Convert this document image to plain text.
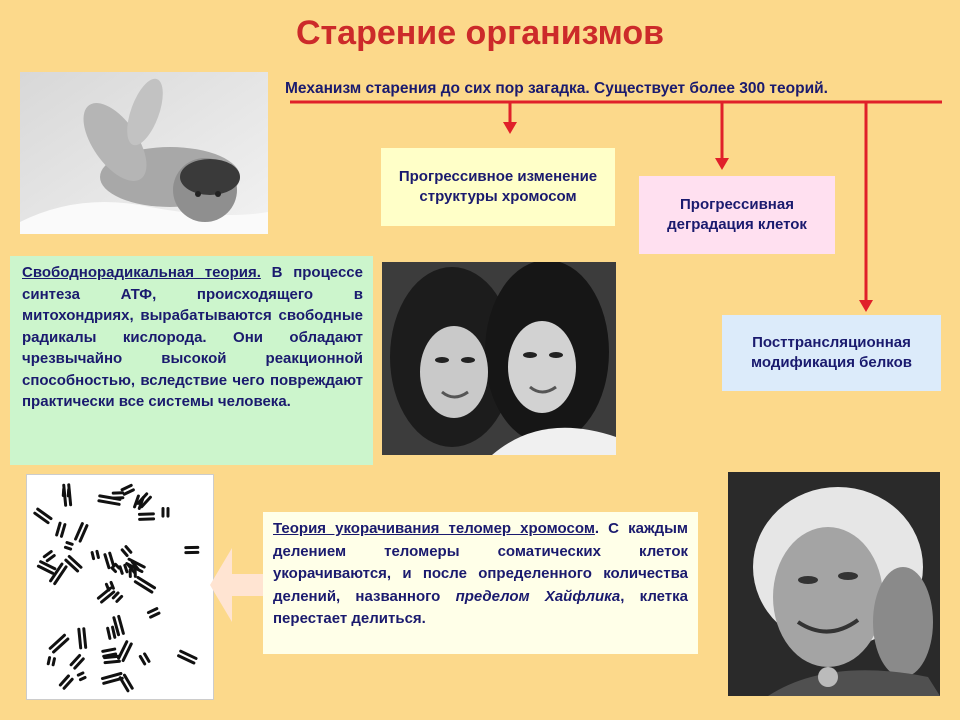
Старение организмов
Механизм старения до сих пор загадка. Существует более 300 теорий.
Прогрессивное изменение структуры хромосом	Прогрессивная деградация клеток
Посттрансляционная модификация белков
Свободнорадикальная теория. В процессе синтеза АТФ, происходящего в митохондриях, вырабатываются свободные радикалы кислорода. Они обладают чрезвычайно высокой реакционной способностью, вследствие чего повреждают практически все системы человека.
Теория укорачивания теломер хромосом. С каждым делением теломеры соматических клеток укорачиваются, и после определенного количества делений, названного пределом Хайфлика, клетка перестает делиться.
